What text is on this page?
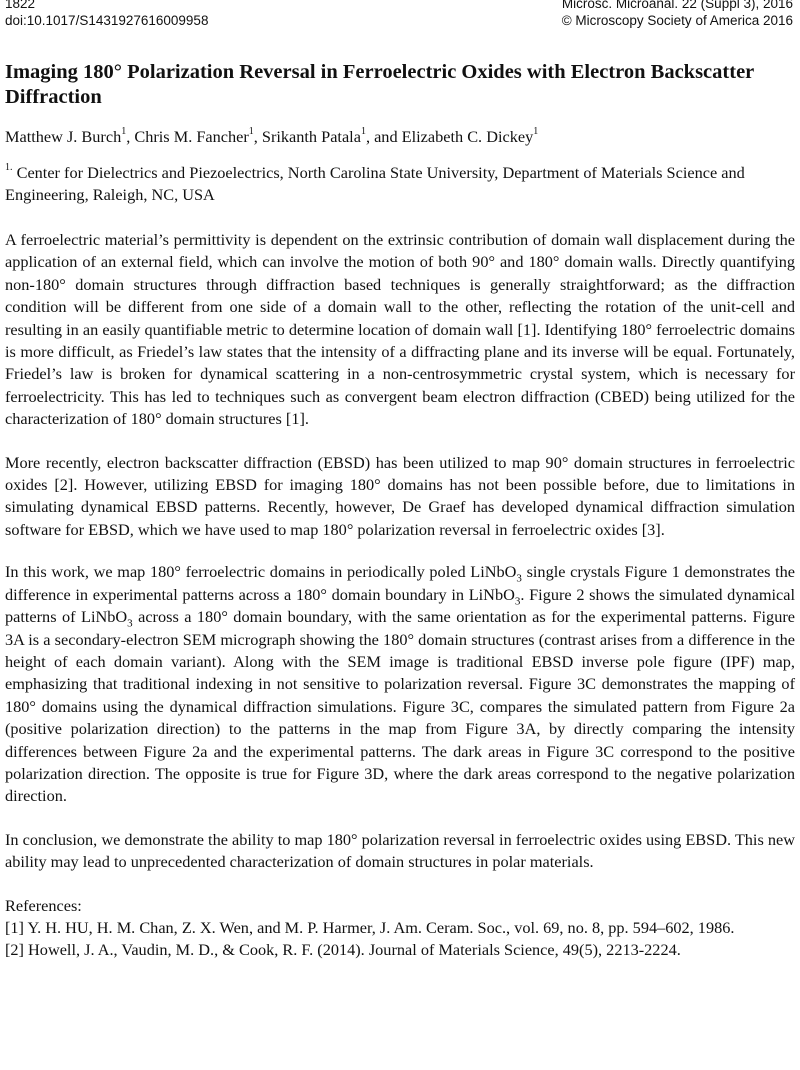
1822
doi:10.1017/S1431927616009958
Microsc. Microanal. 22 (Suppl 3), 2016
© Microscopy Society of America 2016
Imaging 180° Polarization Reversal in Ferroelectric Oxides with Electron Backscatter Diffraction
Matthew J. Burch$^1$, Chris M. Fancher$^1$, Srikanth Patala$^1$, and Elizabeth C. Dickey$^1$
$^{1.}$ Center for Dielectrics and Piezoelectrics, North Carolina State University, Department of Materials Science and Engineering, Raleigh, NC, USA

A ferroelectric material’s permittivity is dependent on the extrinsic contribution of domain wall displacement during the application of an external field, which can involve the motion of both 90° and 180° domain walls. Directly quantifying non-180° domain structures through diffraction based techniques is generally straightforward; as the diffraction condition will be different from one side of a domain wall to the other, reflecting the rotation of the unit-cell and resulting in an easily quantifiable metric to determine location of domain wall [1]. Identifying 180° ferroelectric domains is more difficult, as Friedel’s law states that the intensity of a diffracting plane and its inverse will be equal. Fortunately, Friedel’s law is broken for dynamical scattering in a non-centrosymmetric crystal system, which is necessary for ferroelectricity. This has led to techniques such as convergent beam electron diffraction (CBED) being utilized for the characterization of 180° domain structures [1].

More recently, electron backscatter diffraction (EBSD) has been utilized to map 90° domain structures in ferroelectric oxides [2]. However, utilizing EBSD for imaging 180° domains has not been possible before, due to limitations in simulating dynamical EBSD patterns. Recently, however, De Graef has developed dynamical diffraction simulation software for EBSD, which we have used to map 180° polarization reversal in ferroelectric oxides [3].

In this work, we map 180° ferroelectric domains in periodically poled LiNbO$_3$ single crystals Figure 1 demonstrates the difference in experimental patterns across a 180° domain boundary in LiNbO$_3$. Figure 2 shows the simulated dynamical patterns of LiNbO$_3$ across a 180° domain boundary, with the same orientation as for the experimental patterns. Figure 3A is a secondary-electron SEM micrograph showing the 180° domain structures (contrast arises from a difference in the height of each domain variant). Along with the SEM image is traditional EBSD inverse pole figure (IPF) map, emphasizing that traditional indexing in not sensitive to polarization reversal. Figure 3C demonstrates the mapping of 180° domains using the dynamical diffraction simulations. Figure 3C, compares the simulated pattern from Figure 2a (positive polarization direction) to the patterns in the map from Figure 3A, by directly comparing the intensity differences between Figure 2a and the experimental patterns. The dark areas in Figure 3C correspond to the positive polarization direction. The opposite is true for Figure 3D, where the dark areas correspond to the negative polarization direction.

In conclusion, we demonstrate the ability to map 180° polarization reversal in ferroelectric oxides using EBSD. This new ability may lead to unprecedented characterization of domain structures in polar materials.

References:
[1] Y. H. HU, H. M. Chan, Z. X. Wen, and M. P. Harmer, J. Am. Ceram. Soc., vol. 69, no. 8, pp. 594–602, 1986.
[2] Howell, J. A., Vaudin, M. D., & Cook, R. F. (2014). Journal of Materials Science, 49(5), 2213-2224.
